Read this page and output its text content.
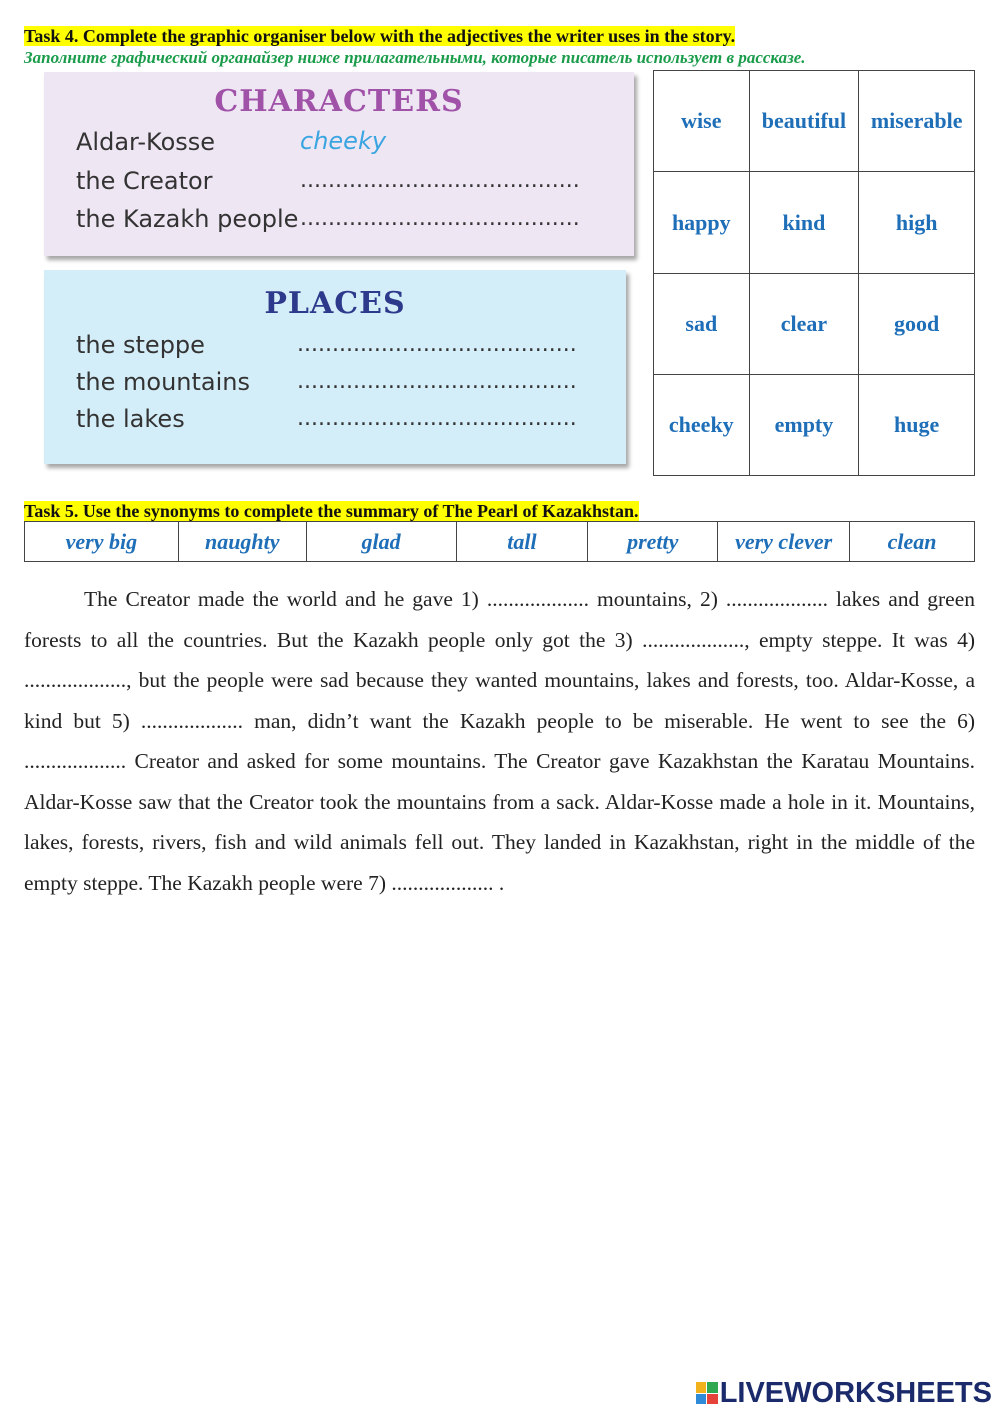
Task 4. Complete the graphic organiser below with the adjectives the writer uses in the story.
Заполните графический органайзер ниже прилагательными, которые писатель использует в рассказе.
CHARACTERS
Aldar-Kosse	cheeky
the Creator	........................................
the Kazakh people ........................................
PLACES
the steppe	........................................
the mountains ........................................
the lakes	........................................
wise	beautiful	miserable
happy	kind	high
sad	clear	good
cheeky	empty	huge
Task 5. Use the synonyms to complete the summary of The Pearl of Kazakhstan.
very big	naughty	glad	tall	pretty	very clever	clean

The Creator made the world and he gave 1) ................... mountains, 2) ................... lakes and green forests to all the countries. But the Kazakh people only got the 3) ..................., empty steppe. It was 4) ..................., but the people were sad because they wanted mountains, lakes and forests, too. Aldar-Kosse, a kind but 5) ................... man, didn’t want the Kazakh people to be miserable. He went to see the 6) ................... Creator and asked for some mountains. The Creator gave Kazakhstan the Karatau Mountains. Aldar-Kosse saw that the Creator took the mountains from a sack. Aldar-Kosse made a hole in it. Mountains, lakes, forests, rivers, fish and wild animals fell out. They landed in Kazakhstan, right in the middle of the empty steppe. The Kazakh people were 7) ................... .

LIVEWORKSHEETS
